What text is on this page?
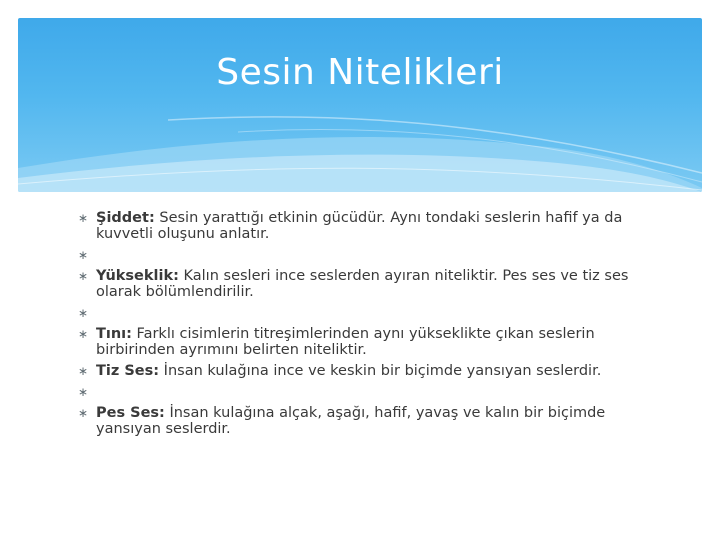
Sesin Nitelikleri
∗ Şiddet: Sesin yarattığı etkinin gücüdür. Aynı tondaki seslerin hafif ya da kuvvetli oluşunu anlatır.
∗
∗ Yükseklik: Kalın sesleri ince seslerden ayıran niteliktir. Pes ses ve tiz ses olarak bölümlendirilir.
∗
∗ Tını: Farklı cisimlerin titreşimlerinden aynı yükseklikte çıkan seslerin birbirinden ayrımını belirten niteliktir.
∗ Tiz Ses: İnsan kulağına ince ve keskin bir biçimde yansıyan seslerdir.
∗
∗ Pes Ses: İnsan kulağına alçak, aşağı, hafif, yavaş ve kalın bir biçimde yansıyan seslerdir.
